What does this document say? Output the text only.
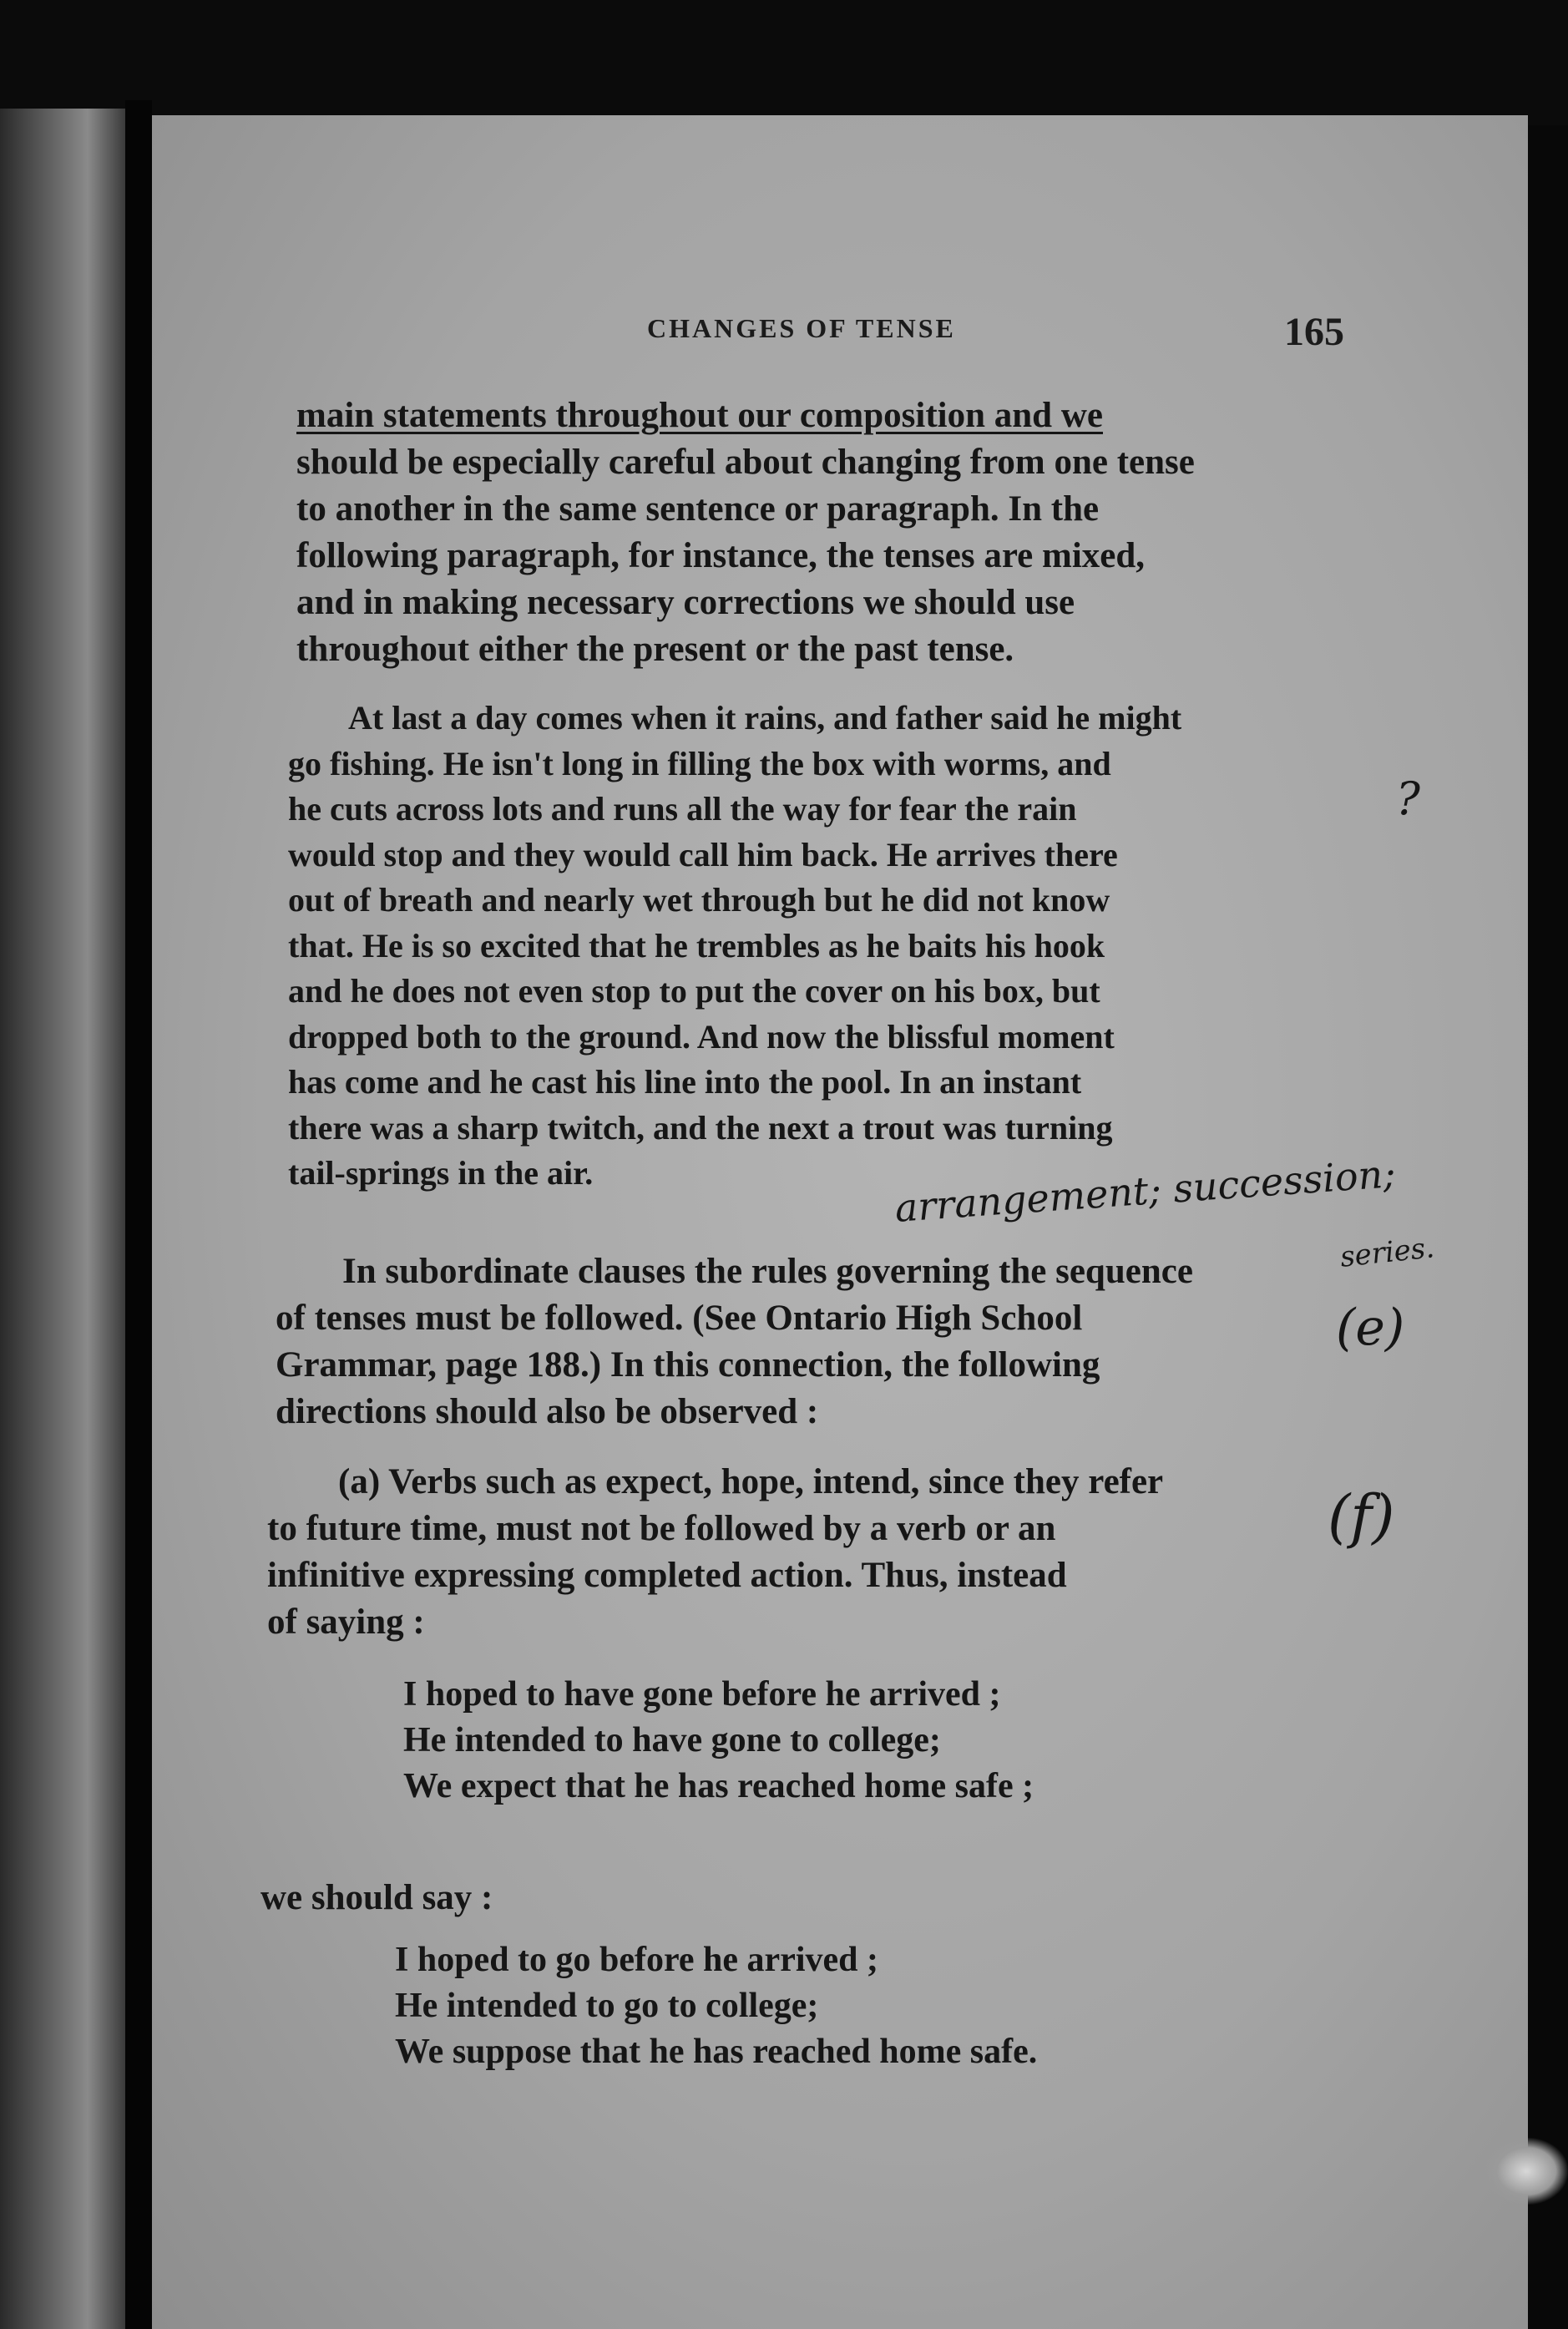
CHANGES OF TENSE	165
main statements throughout our composition and we
should be especially careful about changing from one tense
to another in the same sentence or paragraph. In the
following paragraph, for instance, the tenses are mixed,
and in making necessary corrections we should use
throughout either the present or the past tense.
At last a day comes when it rains, and father said he might
go fishing. He isn't long in filling the box with worms, and
he cuts across lots and runs all the way for fear the rain
would stop and they would call him back. He arrives there
out of breath and nearly wet through but he did not know
that. He is so excited that he trembles as he baits his hook
and he does not even stop to put the cover on his box, but
dropped both to the ground. And now the blissful moment
has come and he cast his line into the pool. In an instant
there was a sharp twitch, and the next a trout was turning
tail-springs in the air.
In subordinate clauses the rules governing the sequence
of tenses must be followed. (See Ontario High School
Grammar, page 188.) In this connection, the following
directions should also be observed :
(a) Verbs such as expect, hope, intend, since they refer
to future time, must not be followed by a verb or an
infinitive expressing completed action. Thus, instead
of saying :
I hoped to have gone before he arrived ;
He intended to have gone to college;
We expect that he has reached home safe ;
we should say :
I hoped to go before he arrived ;
He intended to go to college;
We suppose that he has reached home safe.
?
arrangement; succession;
series.
(e)
(f)
